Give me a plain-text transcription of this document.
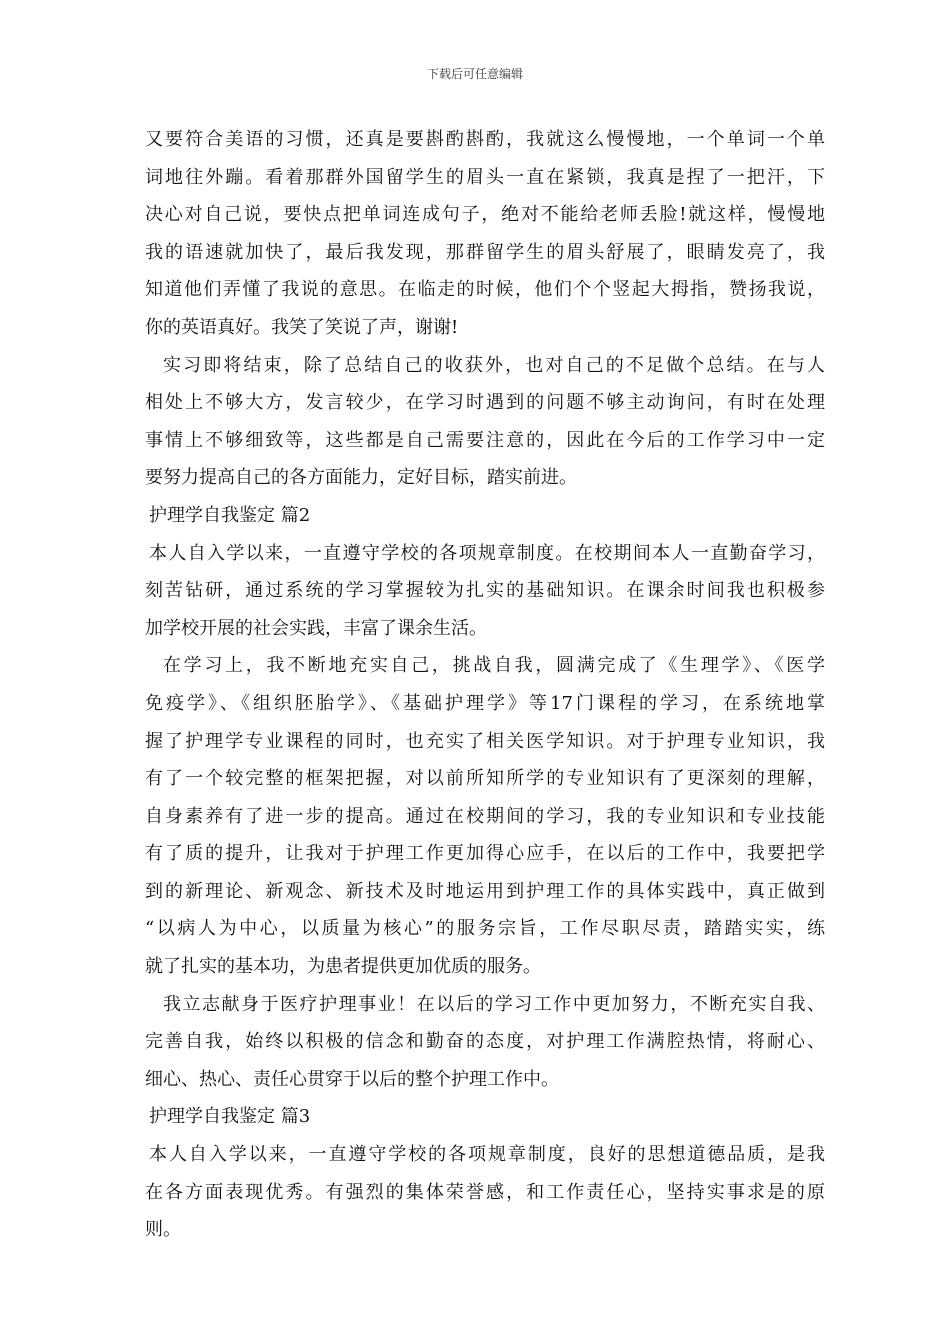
下载后可任意编辑
又要符合美语的习惯，还真是要斟酌斟酌，我就这么慢慢地，一个单词一个单
词地往外蹦。看着那群外国留学生的眉头一直在紧锁，我真是捏了一把汗，下
决心对自己说，要快点把单词连成句子，绝对不能给老师丢脸!就这样，慢慢地
我的语速就加快了，最后我发现，那群留学生的眉头舒展了，眼睛发亮了，我
知道他们弄懂了我说的意思。在临走的时候，他们个个竖起大拇指，赞扬我说，
你的英语真好。我笑了笑说了声，谢谢!
实习即将结束，除了总结自己的收获外，也对自己的不足做个总结。在与人
相处上不够大方，发言较少，在学习时遇到的问题不够主动询问，有时在处理
事情上不够细致等，这些都是自己需要注意的，因此在今后的工作学习中一定
要努力提高自己的各方面能力，定好目标，踏实前进。
护理学自我鉴定 篇2
本人自入学以来，一直遵守学校的各项规章制度。在校期间本人一直勤奋学习，
刻苦钻研，通过系统的学习掌握较为扎实的基础知识。在课余时间我也积极参
加学校开展的社会实践，丰富了课余生活。
在学习上，我不断地充实自己，挑战自我，圆满完成了《生理学》、《医学
免疫学》、《组织胚胎学》、《基础护理学》等17门课程的学习，在系统地掌
握了护理学专业课程的同时，也充实了相关医学知识。对于护理专业知识，我
有了一个较完整的框架把握，对以前所知所学的专业知识有了更深刻的理解，
自身素养有了进一步的提高。通过在校期间的学习，我的专业知识和专业技能
有了质的提升，让我对于护理工作更加得心应手，在以后的工作中，我要把学
到的新理论、新观念、新技术及时地运用到护理工作的具体实践中，真正做到
“以病人为中心，以质量为核心”的服务宗旨，工作尽职尽责，踏踏实实，练
就了扎实的基本功，为患者提供更加优质的服务。
我立志献身于医疗护理事业！在以后的学习工作中更加努力，不断充实自我、
完善自我，始终以积极的信念和勤奋的态度，对护理工作满腔热情，将耐心、
细心、热心、责任心贯穿于以后的整个护理工作中。
护理学自我鉴定 篇3
本人自入学以来，一直遵守学校的各项规章制度，良好的思想道德品质，是我
在各方面表现优秀。有强烈的集体荣誉感，和工作责任心，坚持实事求是的原
则。
